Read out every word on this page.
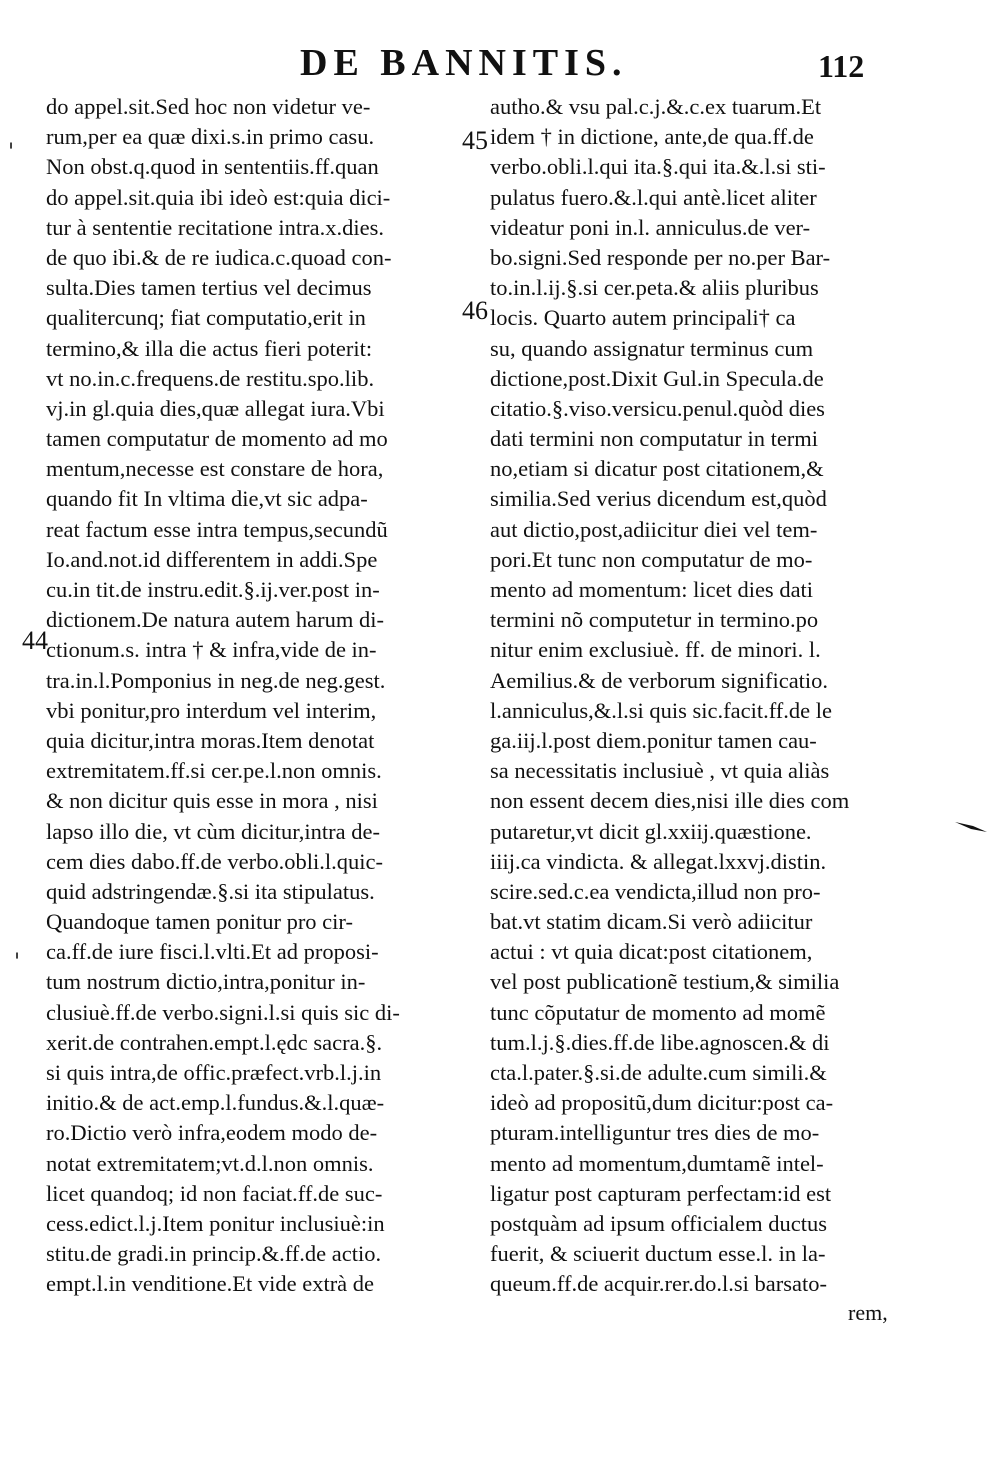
DE BANNITIS.	112
'
'
44
45
46
do appel.sit.Sed hoc non videtur ve-
rum,per ea quæ dixi.s.in primo casu.
Non obst.q.quod in sententiis.ff.quan
do appel.sit.quia ibi ideò est:quia dici-
tur à sententie recitatione intra.x.dies.
de quo ibi.& de re iudica.c.quoad con-
sulta.Dies tamen tertius vel decimus
qualitercunq; fiat computatio,erit in
termino,& illa die actus fieri poterit:
vt no.in.c.frequens.de restitu.spo.lib.
vj.in gl.quia dies,quæ allegat iura.Vbi
tamen computatur de momento ad mo
mentum,necesse est constare de hora,
quando fit In vltima die,vt sic adpa-
reat factum esse intra tempus,secundũ
Io.and.not.id differentem in addi.Spe
cu.in tit.de instru.edit.§.ij.ver.post in-
dictionem.De natura autem harum di-
ctionum.s. intra † & infra,vide de in-
tra.in.l.Pomponius in neg.de neg.gest.
vbi ponitur,pro interdum vel interim,
quia dicitur,intra moras.Item denotat
extremitatem.ff.si cer.pe.l.non omnis.
& non dicitur quis esse in mora , nisi
lapso illo die, vt cùm dicitur,intra de-
cem dies dabo.ff.de verbo.obli.l.quic-
quid adstringendæ.§.si ita stipulatus.
Quandoque tamen ponitur pro cir-
ca.ff.de iure fisci.l.vlti.Et ad proposi-
tum nostrum dictio,intra,ponitur in-
clusiuè.ff.de verbo.signi.l.si quis sic di-
xerit.de contrahen.empt.l.ędc sacra.§.
si quis intra,de offic.præfect.vrb.l.j.in
initio.& de act.emp.l.fundus.&.l.quæ-
ro.Dictio verò infra,eodem modo de-
notat extremitatem;vt.d.l.non omnis.
licet quandoq; id non faciat.ff.de suc-
cess.edict.l.j.Item ponitur inclusiuè:in
stitu.de gradi.in princip.&.ff.de actio.
empt.l.in venditione.Et vide extrà de
autho.& vsu pal.c.j.&.c.ex tuarum.Et
idem † in dictione, ante,de qua.ff.de
verbo.obli.l.qui ita.§.qui ita.&.l.si sti-
pulatus fuero.&.l.qui antè.licet aliter
videatur poni in.l. anniculus.de ver-
bo.signi.Sed responde per no.per Bar-
to.in.l.ij.§.si cer.peta.& aliis pluribus
locis. Quarto autem principali† ca
su, quando assignatur terminus cum
dictione,post.Dixit Gul.in Specula.de
citatio.§.viso.versicu.penul.quòd dies
dati termini non computatur in termi
no,etiam si dicatur post citationem,&
similia.Sed verius dicendum est,quòd
aut dictio,post,adiicitur diei vel tem-
pori.Et tunc non computatur de mo-
mento ad momentum: licet dies dati
termini nõ computetur in termino.po
nitur enim exclusiuè. ff. de minori. l.
Aemilius.& de verborum significatio.
l.anniculus,&.l.si quis sic.facit.ff.de le
ga.iij.l.post diem.ponitur tamen cau-
sa necessitatis inclusiuè , vt quia aliàs
non essent decem dies,nisi ille dies com
putaretur,vt dicit gl.xxiij.quæstione.
iiij.ca vindicta. & allegat.lxxvj.distin.
scire.sed.c.ea vendicta,illud non pro-
bat.vt statim dicam.Si verò adiicitur
actui : vt quia dicat:post citationem,
vel post publicationẽ testium,& similia
tunc cõputatur de momento ad momẽ
tum.l.j.§.dies.ff.de libe.agnoscen.& di
cta.l.pater.§.si.de adulte.cum simili.&
ideò ad propositũ,dum dicitur:post ca-
pturam.intelliguntur tres dies de mo-
mento ad momentum,dumtamẽ intel-
ligatur post capturam perfectam:id est
postquàm ad ipsum officialem ductus
fuerit, & sciuerit ductum esse.l. in la-
queum.ff.de acquir.rer.do.l.si barsato-
rem,
